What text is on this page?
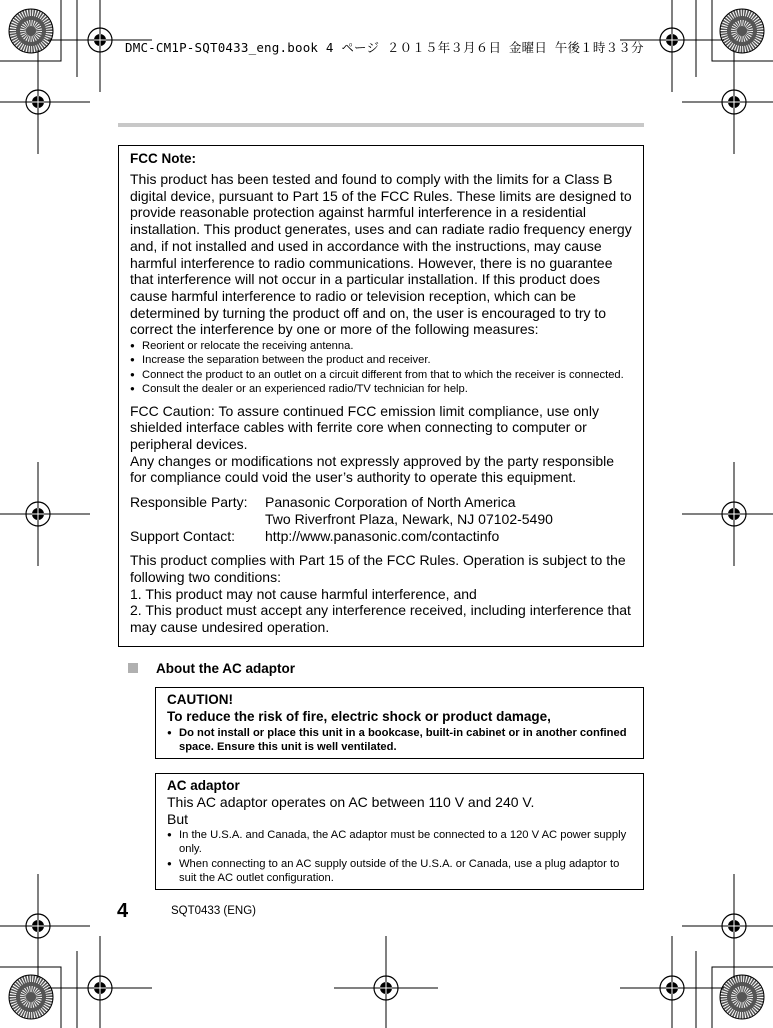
DMC-CM1P-SQT0433_eng.book 4 ページ ２０１５年３月６日 金曜日 午後１時３３分
FCC Note:

This product has been tested and found to comply with the limits for a Class B digital device, pursuant to Part 15 of the FCC Rules. These limits are designed to provide reasonable protection against harmful interference in a residential installation. This product generates, uses and can radiate radio frequency energy and, if not installed and used in accordance with the instructions, may cause harmful interference to radio communications. However, there is no guarantee that interference will not occur in a particular installation. If this product does cause harmful interference to radio or television reception, which can be determined by turning the product off and on, the user is encouraged to try to correct the interference by one or more of the following measures:

● Reorient or relocate the receiving antenna.
● Increase the separation between the product and receiver.
● Connect the product to an outlet on a circuit different from that to which the receiver is connected.
● Consult the dealer or an experienced radio/TV technician for help.

FCC Caution: To assure continued FCC emission limit compliance, use only shielded interface cables with ferrite core when connecting to computer or peripheral devices.

Any changes or modifications not expressly approved by the party responsible for compliance could void the user’s authority to operate this equipment.

Responsible Party:	Panasonic Corporation of North America
Two Riverfront Plaza, Newark, NJ 07102-5490
Support Contact:	http://www.panasonic.com/contactinfo

This product complies with Part 15 of the FCC Rules. Operation is subject to the following two conditions:

1. This product may not cause harmful interference, and

2. This product must accept any interference received, including interference that may cause undesired operation.

About the AC adaptor
CAUTION!
To reduce the risk of fire, electric shock or product damage,
● Do not install or place this unit in a bookcase, built-in cabinet or in another confined space. Ensure this unit is well ventilated.
AC adaptor

This AC adaptor operates on AC between 110 V and 240 V.

But

● In the U.S.A. and Canada, the AC adaptor must be connected to a 120 V AC power supply only.
● When connecting to an AC supply outside of the U.S.A. or Canada, use a plug adaptor to suit the AC outlet configuration.
4	SQT0433 (ENG)
